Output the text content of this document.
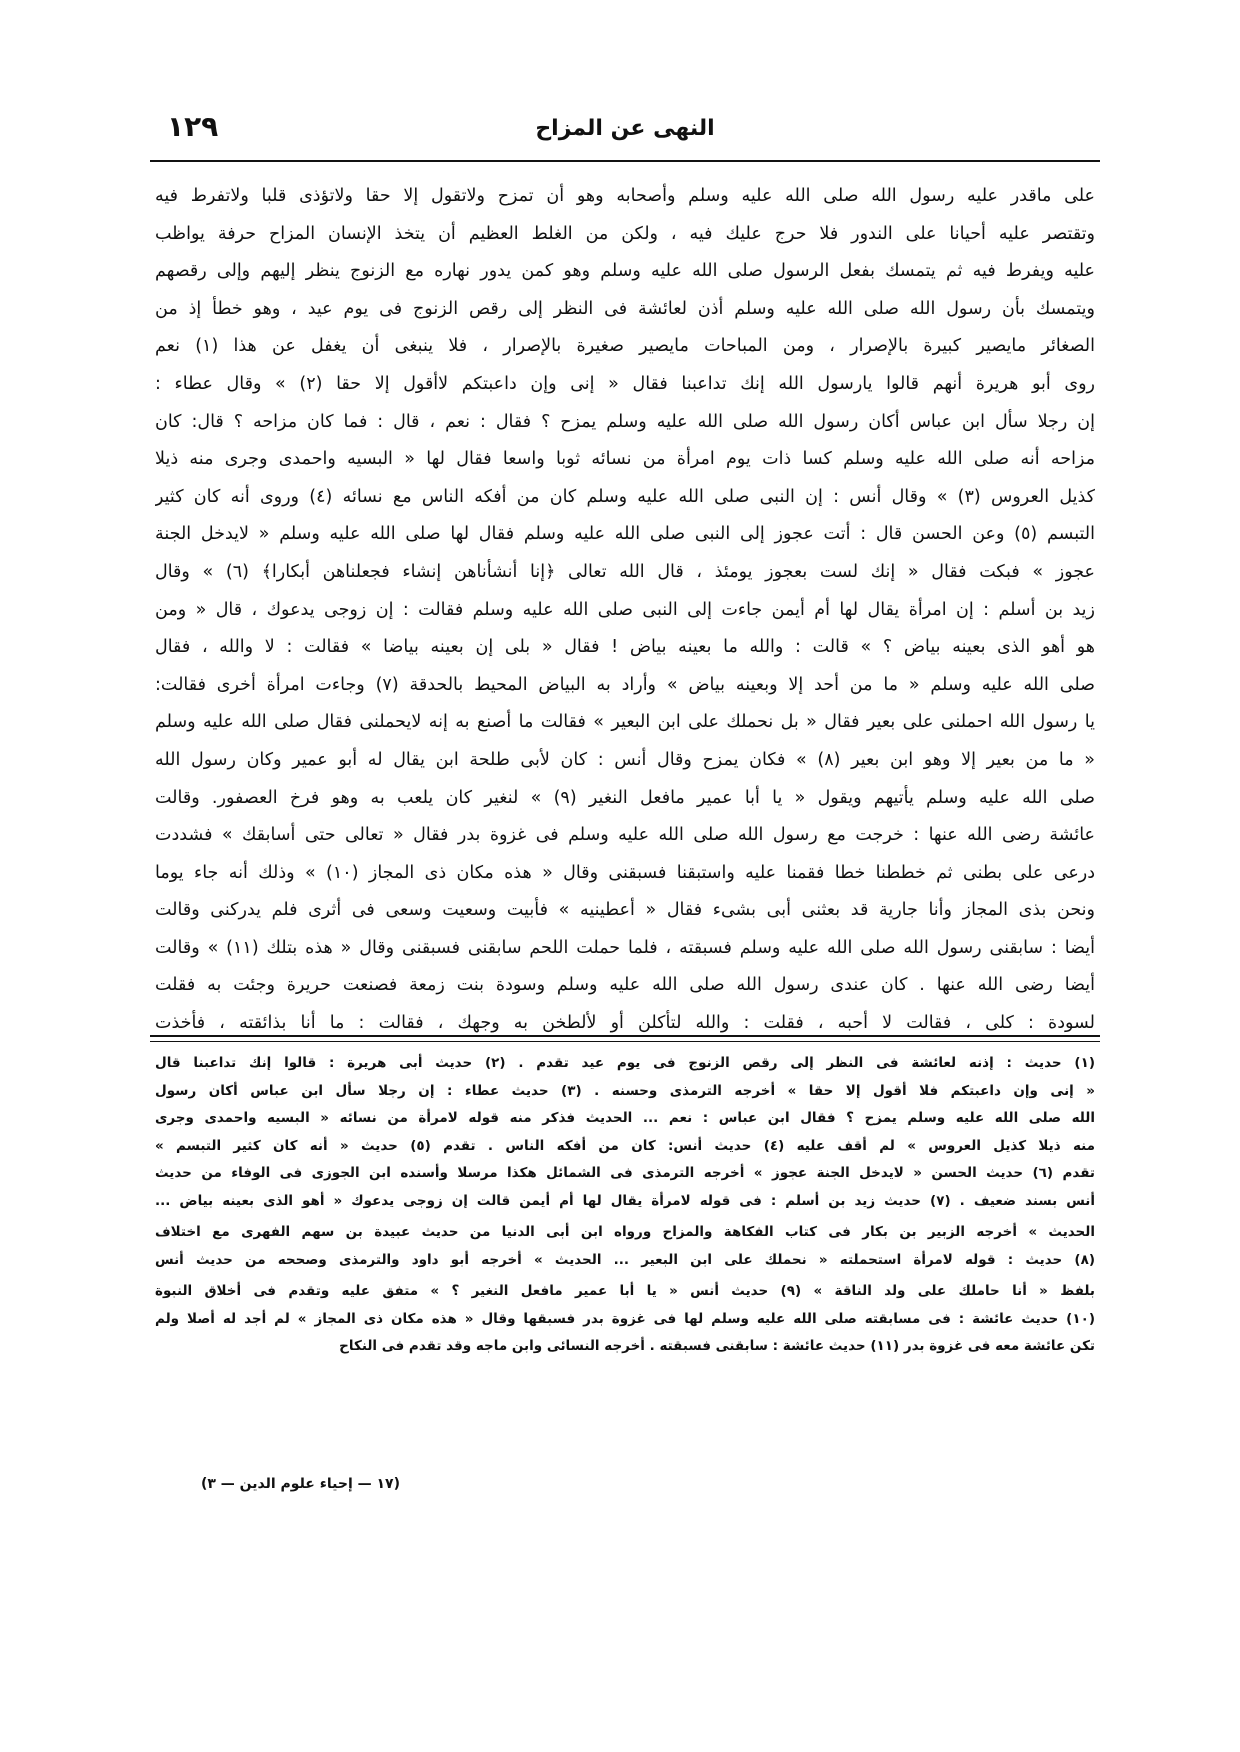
النهى عن المزاح
١٢٩
على ماقدر عليه رسول الله صلى الله عليه وسلم وأصحابه وهو أن تمزح ولاتقول إلا حقا ولاتؤذى قلبا ولاتفرط فيه
وتقتصر عليه أحيانا على الندور فلا حرج عليك فيه ، ولكن من الغلط العظيم أن يتخذ الإنسان المزاح حرفة يواظب
عليه ويفرط فيه ثم يتمسك بفعل الرسول صلى الله عليه وسلم وهو كمن يدور نهاره مع الزنوج ينظر إليهم وإلى رقصهم
ويتمسك بأن رسول الله صلى الله عليه وسلم أذن لعائشة فى النظر إلى رقص الزنوج فى يوم عيد ، وهو خطأ إذ من
الصغائر مايصير كبيرة بالإصرار ، ومن المباحات مايصير صغيرة بالإصرار ، فلا ينبغى أن يغفل عن هذا (١) نعم
روى أبو هريرة أنهم قالوا يارسول الله إنك تداعبنا فقال « إنى وإن داعبتكم لاأقول إلا حقا (٢) » وقال عطاء :
إن رجلا سأل ابن عباس أكان رسول الله صلى الله عليه وسلم يمزح ؟ فقال : نعم ، قال : فما كان مزاحه ؟ قال: كان
مزاحه أنه صلى الله عليه وسلم كسا ذات يوم امرأة من نسائه ثوبا واسعا فقال لها « البسيه واحمدى وجرى منه ذيلا
كذيل العروس (٣) » وقال أنس : إن النبى صلى الله عليه وسلم كان من أفكه الناس مع نسائه (٤) وروى أنه كان كثير
التبسم (٥) وعن الحسن قال : أتت عجوز إلى النبى صلى الله عليه وسلم فقال لها صلى الله عليه وسلم « لايدخل الجنة
عجوز » فبكت فقال « إنك لست بعجوز يومئذ ، قال الله تعالى ﴿إنا أنشأناهن إنشاء فجعلناهن أبكارا﴾ (٦) » وقال
زيد بن أسلم : إن امرأة يقال لها أم أيمن جاءت إلى النبى صلى الله عليه وسلم فقالت : إن زوجى يدعوك ، قال « ومن
هو أهو الذى بعينه بياض ؟ » قالت : والله ما بعينه بياض ! فقال « بلى إن بعينه بياضا » فقالت : لا والله ، فقال
صلى الله عليه وسلم « ما من أحد إلا وبعينه بياض » وأراد به البياض المحيط بالحدقة (٧) وجاءت امرأة أخرى فقالت:
يا رسول الله احملنى على بعير فقال « بل نحملك على ابن البعير » فقالت ما أصنع به إنه لايحملنى فقال صلى الله عليه وسلم
« ما من بعير إلا وهو ابن بعير (٨) » فكان يمزح وقال أنس : كان لأبى طلحة ابن يقال له أبو عمير وكان رسول الله
صلى الله عليه وسلم يأتيهم ويقول « يا أبا عمير مافعل النغير (٩) » لنغير كان يلعب به وهو فرخ العصفور. وقالت
عائشة رضى الله عنها : خرجت مع رسول الله صلى الله عليه وسلم فى غزوة بدر فقال « تعالى حتى أسابقك » فشددت
درعى على بطنى ثم خططنا خطا فقمنا عليه واستبقنا فسبقنى وقال « هذه مكان ذى المجاز (١٠) » وذلك أنه جاء يوما
ونحن بذى المجاز وأنا جارية قد بعثنى أبى بشىء فقال « أعطينيه » فأبيت وسعيت وسعى فى أثرى فلم يدركنى وقالت
أيضا : سابقنى رسول الله صلى الله عليه وسلم فسبقته ، فلما حملت اللحم سابقنى فسبقنى وقال « هذه بتلك (١١) » وقالت
أيضا رضى الله عنها . كان عندى رسول الله صلى الله عليه وسلم وسودة بنت زمعة فصنعت حريرة وجئت به فقلت
لسودة : كلى ، فقالت لا أحبه ، فقلت : والله لتأكلن أو لألطخن به وجهك ، فقالت : ما أنا بذائقته ، فأخذت
(١) حديث : إذنه لعائشة فى النظر إلى رقص الزنوج فى يوم عيد تقدم . (٢) حديث أبى هريرة : قالوا إنك تداعبنا قال
« إنى وإن داعبتكم فلا أقول إلا حقا » أخرجه الترمذى وحسنه . (٣) حديث عطاء : إن رجلا سأل ابن عباس أكان رسول
الله صلى الله عليه وسلم يمزح ؟ فقال ابن عباس : نعم ... الحديث فذكر منه قوله لامرأة من نسائه « البسيه واحمدى وجرى
منه ذيلا كذيل العروس » لم أقف عليه (٤) حديث أنس: كان من أفكه الناس . تقدم (٥) حديث « أنه كان كثير التبسم »
تقدم (٦) حديث الحسن « لايدخل الجنة عجوز » أخرجه الترمذى فى الشمائل هكذا مرسلا وأسنده ابن الجوزى فى الوفاء من حديث
أنس بسند ضعيف . (٧) حديث زيد بن أسلم : فى قوله لامرأة يقال لها أم أيمن قالت إن زوجى يدعوك « أهو الذى بعينه بياض ...
الحديث » أخرجه الزبير بن بكار فى كتاب الفكاهة والمزاح ورواه ابن أبى الدنيا من حديث عبيدة بن سهم الفهرى مع اختلاف
(٨) حديث : قوله لامرأة استحملته « نحملك على ابن البعير ... الحديث » أخرجه أبو داود والترمذى وصححه من حديث أنس
بلفظ « أنا حاملك على ولد الناقة » (٩) حديث أنس « يا أبا عمير مافعل النغير ؟ » متفق عليه وتقدم فى أخلاق النبوة
(١٠) حديث عائشة : فى مسابقته صلى الله عليه وسلم لها فى غزوة بدر فسبقها وقال « هذه مكان ذى المجاز » لم أجد له أصلا ولم
تكن عائشة معه فى غزوة بدر (١١) حديث عائشة : سابقنى فسبقته . أخرجه النسائى وابن ماجه وقد تقدم فى النكاح
(١٧ — إحياء علوم الدين — ٣)
